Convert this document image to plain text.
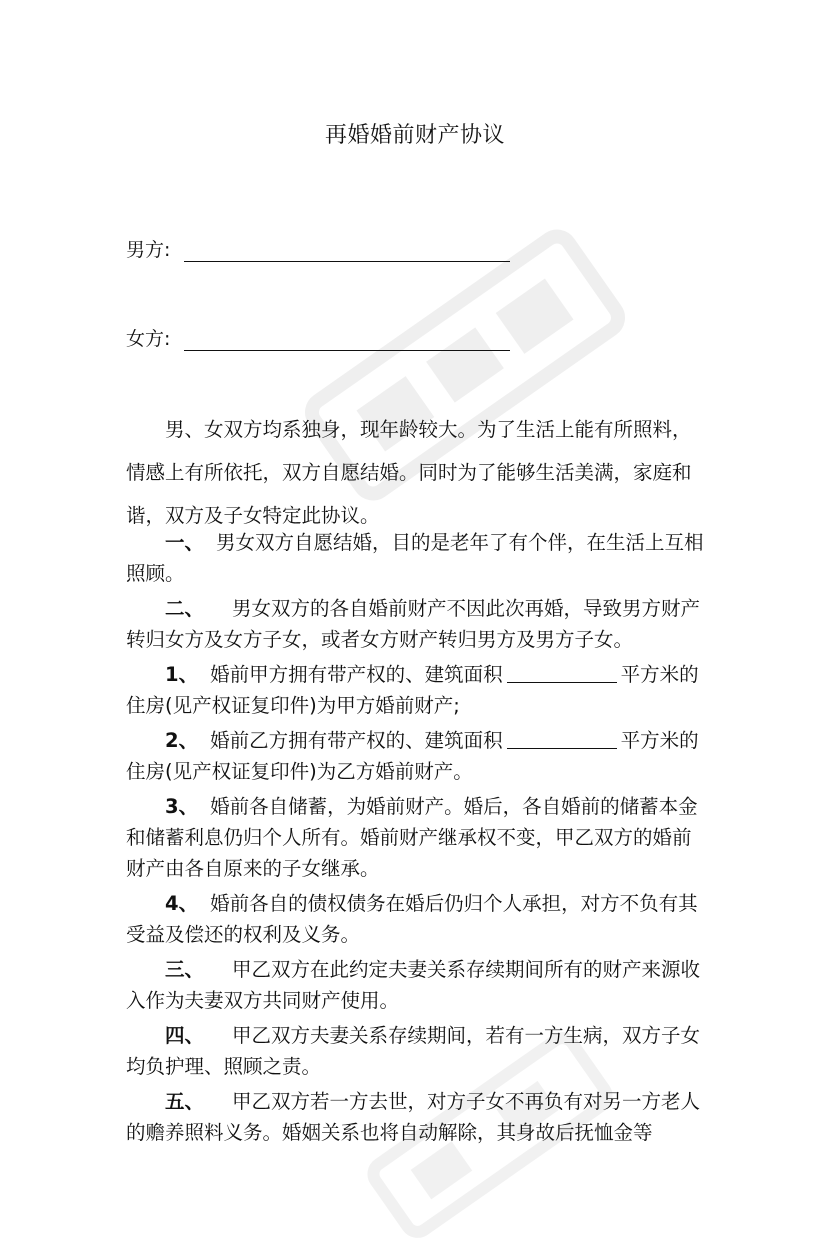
再婚婚前财产协议
男方:
女方:

男、女双方均系独身，现年龄较大。为了生活上能有所照料，情感上有所依托，双方自愿结婚。同时为了能够生活美满，家庭和谐，双方及子女特定此协议。

一、 男女双方自愿结婚，目的是老年了有个伴，在生活上互相照顾。

二、 男女双方的各自婚前财产不因此次再婚，导致男方财产转归女方及女方子女，或者女方财产转归男方及男方子女。

1、 婚前甲方拥有带产权的、建筑面积	平方米的住房(见产权证复印件)为甲方婚前财产;

2、 婚前乙方拥有带产权的、建筑面积	平方米的住房(见产权证复印件)为乙方婚前财产。

3、 婚前各自储蓄，为婚前财产。婚后，各自婚前的储蓄本金和储蓄利息仍归个人所有。婚前财产继承权不变，甲乙双方的婚前财产由各自原来的子女继承。

4、 婚前各自的债权债务在婚后仍归个人承担，对方不负有其受益及偿还的权利及义务。

三、 甲乙双方在此约定夫妻关系存续期间所有的财产来源收入作为夫妻双方共同财产使用。

四、 甲乙双方夫妻关系存续期间，若有一方生病，双方子女均负护理、照顾之责。

五、 甲乙双方若一方去世，对方子女不再负有对另一方老人的赡养照料义务。婚姻关系也将自动解除，其身故后抚恤金等
